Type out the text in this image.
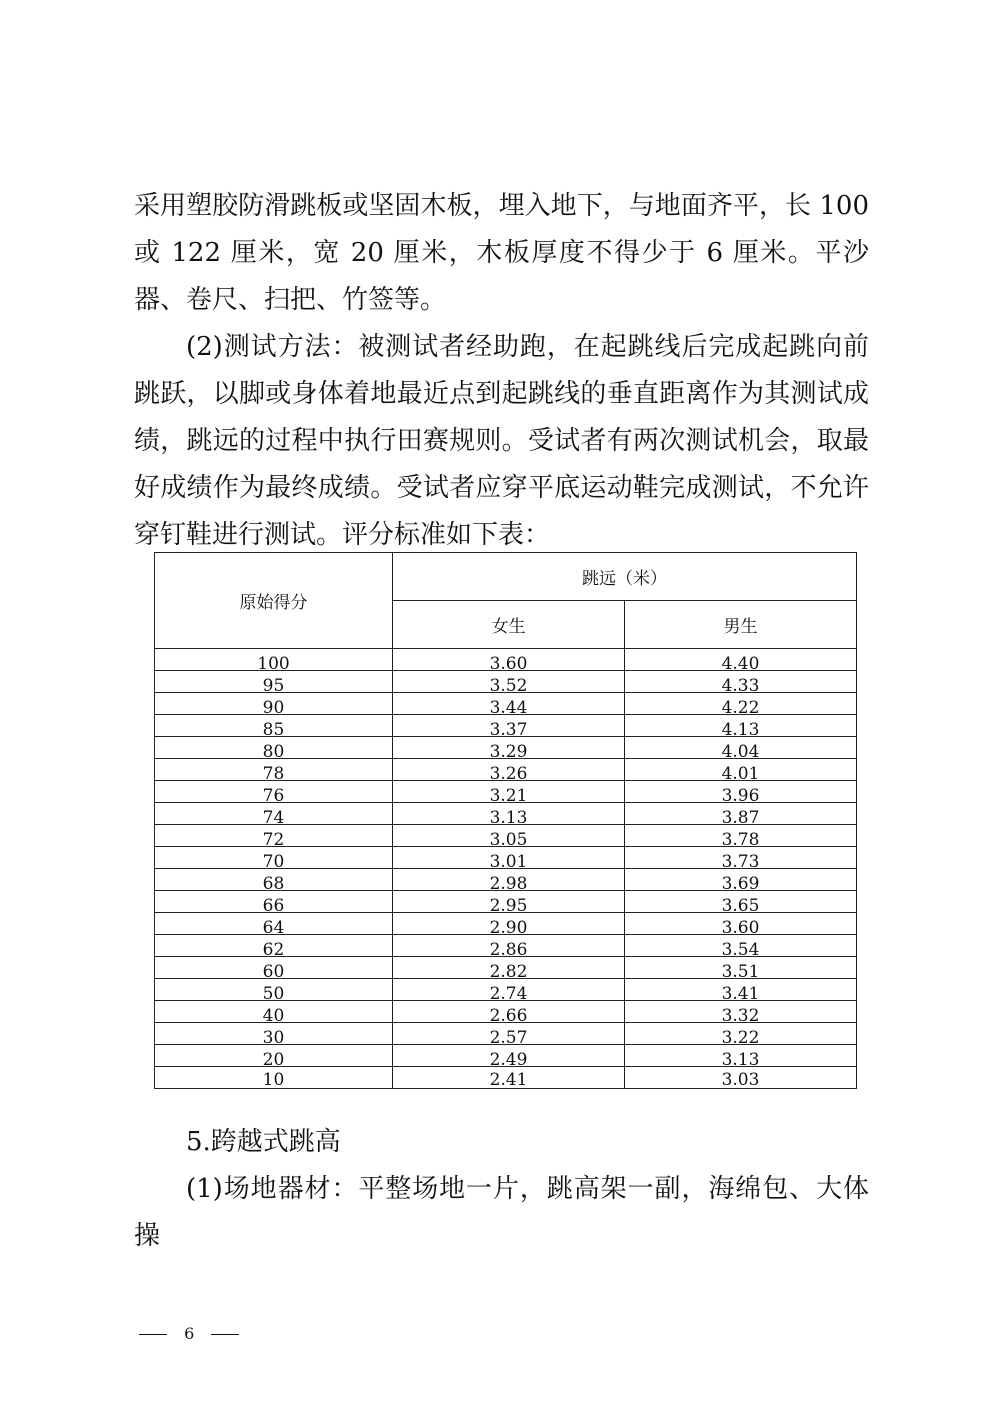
采用塑胶防滑跳板或坚固木板，埋入地下，与地面齐平，长 100 或 122 厘米，宽 20 厘米，木板厚度不得少于 6 厘米。平沙器、卷尺、扫把、竹签等。

(2)测试方法：被测试者经助跑，在起跳线后完成起跳向前跳跃，以脚或身体着地最近点到起跳线的垂直距离作为其测试成绩，跳远的过程中执行田赛规则。受试者有两次测试机会，取最好成绩作为最终成绩。受试者应穿平底运动鞋完成测试，不允许穿钉鞋进行测试。评分标准如下表：

原始得分	跳远（米）	
	女生	男生
100	3.60	4.40
95	3.52	4.33
90	3.44	4.22
85	3.37	4.13
80	3.29	4.04
78	3.26	4.01
76	3.21	3.96
74	3.13	3.87
72	3.05	3.78
70	3.01	3.73
68	2.98	3.69
66	2.95	3.65
64	2.90	3.60
62	2.86	3.54
60	2.82	3.51
50	2.74	3.41
40	2.66	3.32
30	2.57	3.22
20	2.49	3.13
10	2.41	3.03

5.跨越式跳高

(1)场地器材：平整场地一片，跳高架一副，海绵包、大体操

6
